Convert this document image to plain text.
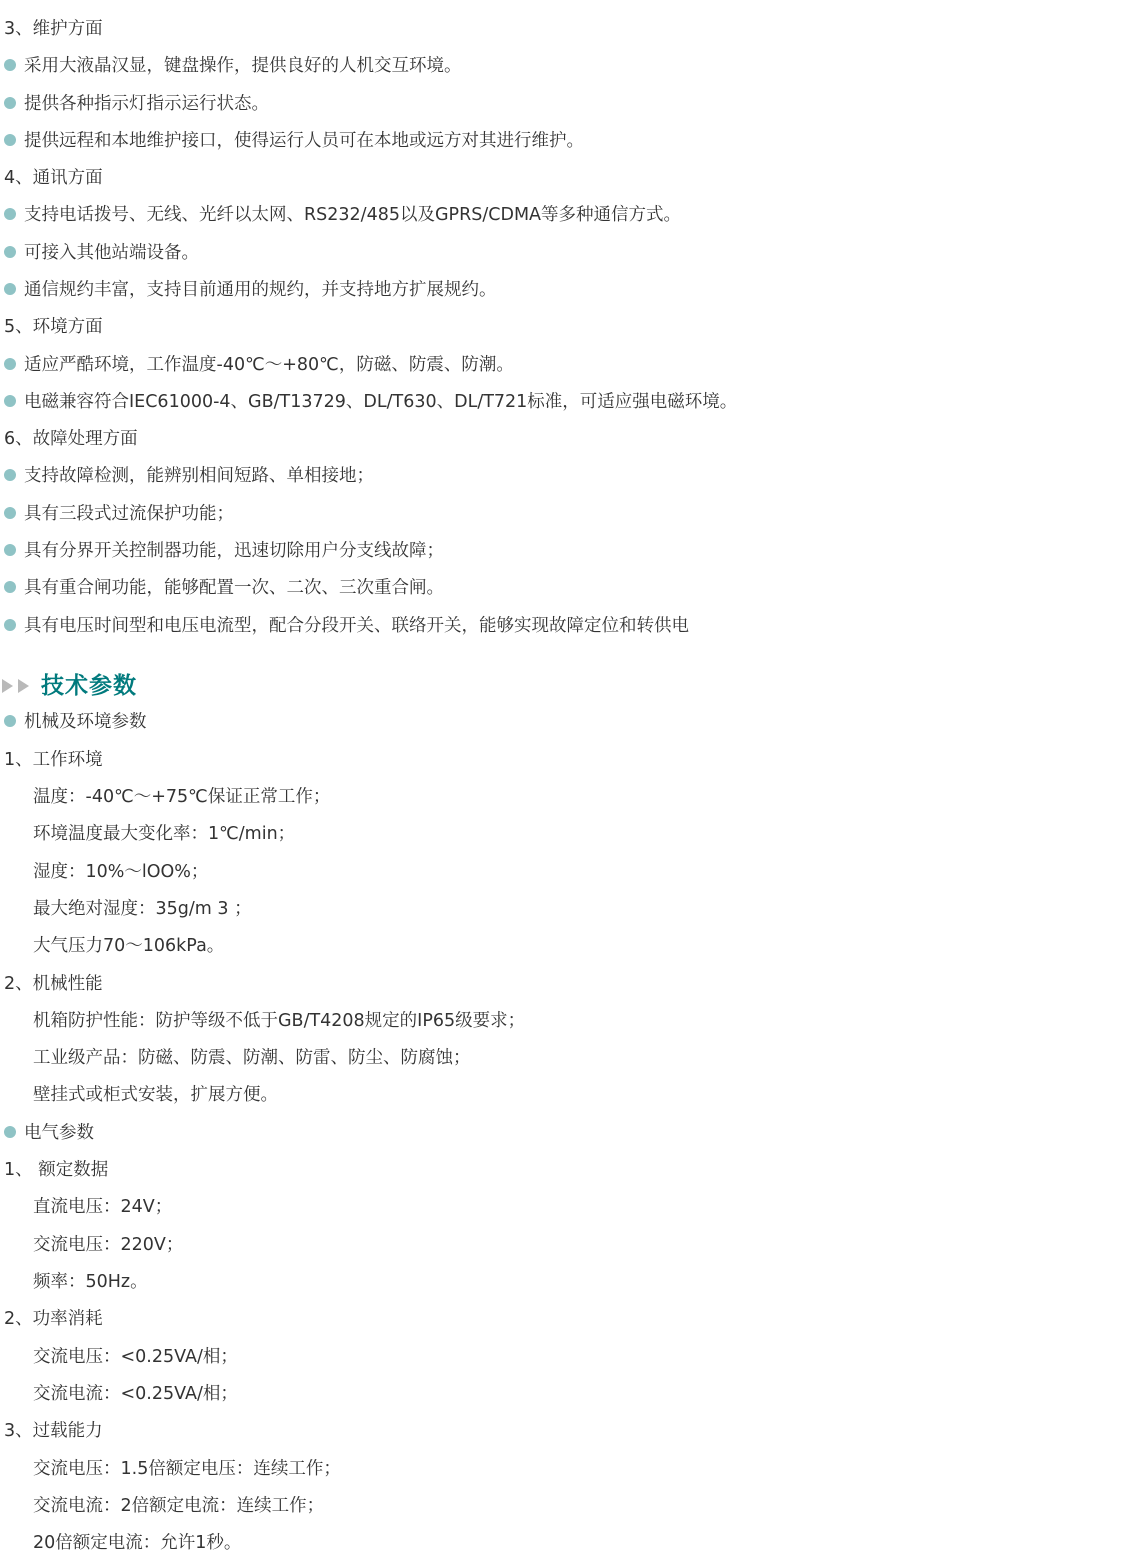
3、维护方面
采用大液晶汉显，键盘操作，提供良好的人机交互环境。
提供各种指示灯指示运行状态。
提供远程和本地维护接口，使得运行人员可在本地或远方对其进行维护。
4、通讯方面
支持电话拨号、无线、光纤以太网、RS232/485以及GPRS/CDMA等多种通信方式。
可接入其他站端设备。
通信规约丰富，支持目前通用的规约，并支持地方扩展规约。
5、环境方面
适应严酷环境，工作温度-40℃～+80℃，防磁、防震、防潮。
电磁兼容符合IEC61000-4、GB/T13729、DL/T630、DL/T721标准，可适应强电磁环境。
6、故障处理方面
支持故障检测，能辨别相间短路、单相接地；
具有三段式过流保护功能；
具有分界开关控制器功能，迅速切除用户分支线故障；
具有重合闸功能，能够配置一次、二次、三次重合闸。
具有电压时间型和电压电流型，配合分段开关、联络开关，能够实现故障定位和转供电
技术参数
机械及环境参数
1、工作环境
温度：-40℃～+75℃保证正常工作；
环境温度最大变化率：1℃/min；
湿度：10%～lOO%；
最大绝对湿度：35g/m 3 ；
大气压力70～106kPa。
2、机械性能
机箱防护性能：防护等级不低于GB/T4208规定的IP65级要求；
工业级产品：防磁、防震、防潮、防雷、防尘、防腐蚀；
壁挂式或柜式安装，扩展方便。
电气参数
1、 额定数据
直流电压：24V；
交流电压：220V；
频率：50Hz。
2、功率消耗
交流电压：<0.25VA/相；
交流电流：<0.25VA/相；
3、过载能力
交流电压：1.5倍额定电压：连续工作；
交流电流：2倍额定电流：连续工作；
20倍额定电流：允许1秒。
